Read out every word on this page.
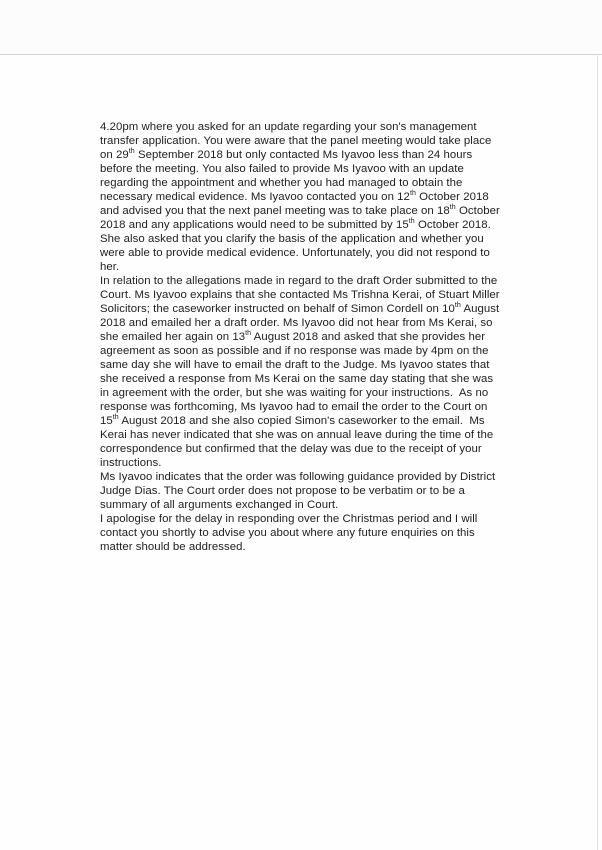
4.20pm where you asked for an update regarding your son's management
transfer application. You were aware that the panel meeting would take place
on 29th September 2018 but only contacted Ms Iyavoo less than 24 hours
before the meeting. You also failed to provide Ms Iyavoo with an update
regarding the appointment and whether you had managed to obtain the
necessary medical evidence. Ms Iyavoo contacted you on 12th October 2018
and advised you that the next panel meeting was to take place on 18th October
2018 and any applications would need to be submitted by 15th October 2018.
She also asked that you clarify the basis of the application and whether you
were able to provide medical evidence. Unfortunately, you did not respond to
her.

In relation to the allegations made in regard to the draft Order submitted to the
Court. Ms Iyavoo explains that she contacted Ms Trishna Kerai, of Stuart Miller
Solicitors; the caseworker instructed on behalf of Simon Cordell on 10th August
2018 and emailed her a draft order. Ms Iyavoo did not hear from Ms Kerai, so
she emailed her again on 13th August 2018 and asked that she provides her
agreement as soon as possible and if no response was made by 4pm on the
same day she will have to email the draft to the Judge. Ms Iyavoo states that
she received a response from Ms Kerai on the same day stating that she was
in agreement with the order, but she was waiting for your instructions.  As no
response was forthcoming, Ms Iyavoo had to email the order to the Court on
15th August 2018 and she also copied Simon's caseworker to the email.  Ms
Kerai has never indicated that she was on annual leave during the time of the
correspondence but confirmed that the delay was due to the receipt of your
instructions.

Ms Iyavoo indicates that the order was following guidance provided by District
Judge Dias. The Court order does not propose to be verbatim or to be a
summary of all arguments exchanged in Court.

I apologise for the delay in responding over the Christmas period and I will
contact you shortly to advise you about where any future enquiries on this
matter should be addressed.
